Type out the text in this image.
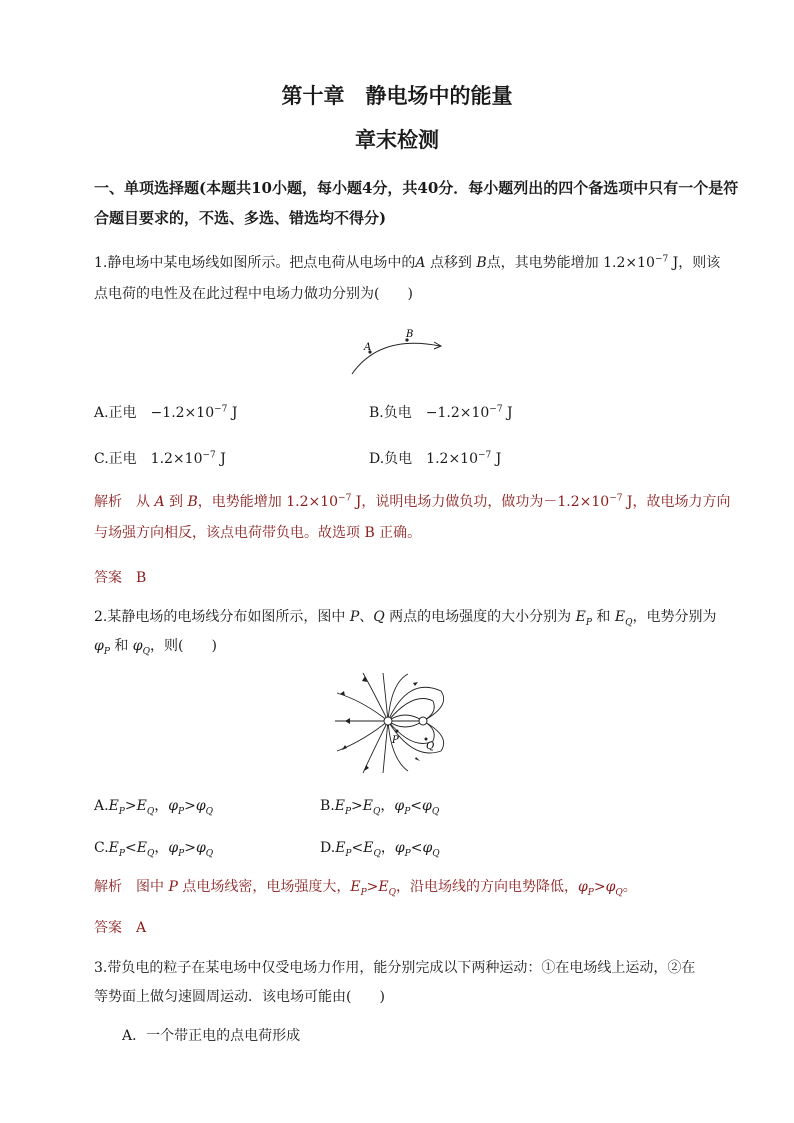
第十章　静电场中的能量
章末检测
一、单项选择题(本题共10小题，每小题4分，共40分．每小题列出的四个备选项中只有一个是符
合题目要求的，不选、多选、错选均不得分)
1.静电场中某电场线如图所示。把点电荷从电场中的A 点移到 B点，其电势能增加 $1.2\times 10^{-7}$ J，则该
点电荷的电性及在此过程中电场力做功分别为(　　)
A
B
A.正电　$-1.2\times 10^{-7}$ J	B.负电　$-1.2\times 10^{-7}$ J
C.正电　$1.2\times 10^{-7}$ J	D.负电　$1.2\times 10^{-7}$ J
解析　从 A 到 B，电势能增加 $1.2\times 10^{-7}$ J，说明电场力做负功，做功为$-1.2\times 10^{-7}$ J，故电场力方向
与场强方向相反，该点电荷带负电。故选项 B 正确。
答案　B
2.某静电场的电场线分布如图所示，图中 P、Q 两点的电场强度的大小分别为 $E_P$ 和 $E_Q$，电势分别为
$\varphi_P$ 和 $\varphi_Q$，则(　　)
P
Q
$A.E_P>E_Q$，$\varphi_P>\varphi_Q$	$B.E_P>E_Q$，$\varphi_P<\varphi_Q$
$C.E_P<E_Q$，$\varphi_P>\varphi_Q$	$D.E_P<E_Q$，$\varphi_P<\varphi_Q$
解析　图中 P 点电场线密，电场强度大，$E_P>E_Q$，沿电场线的方向电势降低，$\varphi_P>\varphi_Q$。
答案　A
3.带负电的粒子在某电场中仅受电场力作用，能分别完成以下两种运动：①在电场线上运动，②在
等势面上做匀速圆周运动．该电场可能由(　　)
A．一个带正电的点电荷形成
